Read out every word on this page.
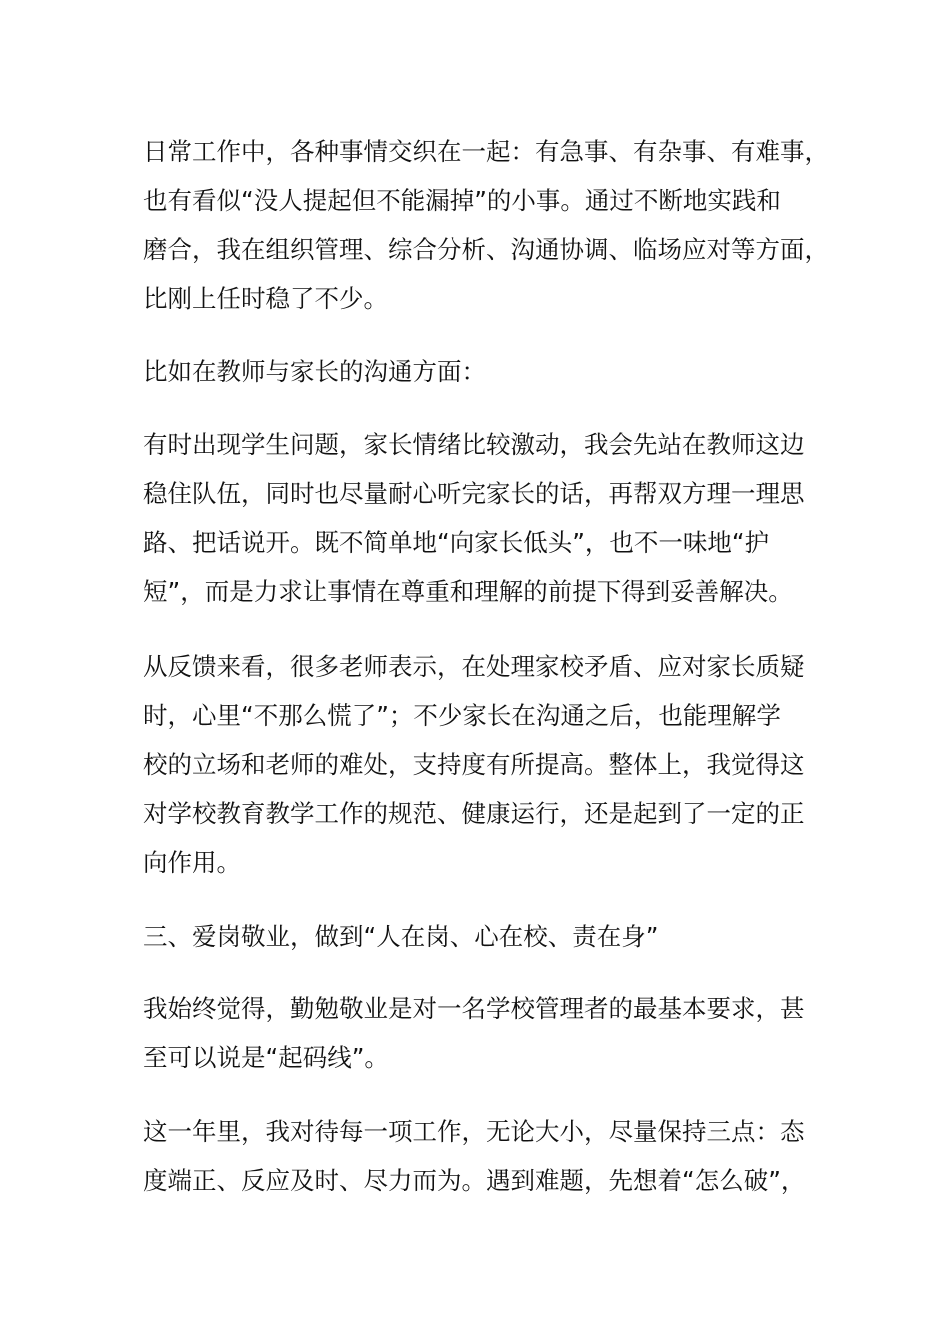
日常工作中，各种事情交织在一起：有急事、有杂事、有难事，
也有看似“没人提起但不能漏掉”的小事。通过不断地实践和
磨合，我在组织管理、综合分析、沟通协调、临场应对等方面，
比刚上任时稳了不少。
比如在教师与家长的沟通方面：
有时出现学生问题，家长情绪比较激动，我会先站在教师这边
稳住队伍，同时也尽量耐心听完家长的话，再帮双方理一理思
路、把话说开。既不简单地“向家长低头”，也不一味地“护
短”，而是力求让事情在尊重和理解的前提下得到妥善解决。
从反馈来看，很多老师表示，在处理家校矛盾、应对家长质疑
时，心里“不那么慌了”；不少家长在沟通之后，也能理解学
校的立场和老师的难处，支持度有所提高。整体上，我觉得这
对学校教育教学工作的规范、健康运行，还是起到了一定的正
向作用。
三、爱岗敬业，做到“人在岗、心在校、责在身”
我始终觉得，勤勉敬业是对一名学校管理者的最基本要求，甚
至可以说是“起码线”。
这一年里，我对待每一项工作，无论大小，尽量保持三点：态
度端正、反应及时、尽力而为。遇到难题，先想着“怎么破”，
